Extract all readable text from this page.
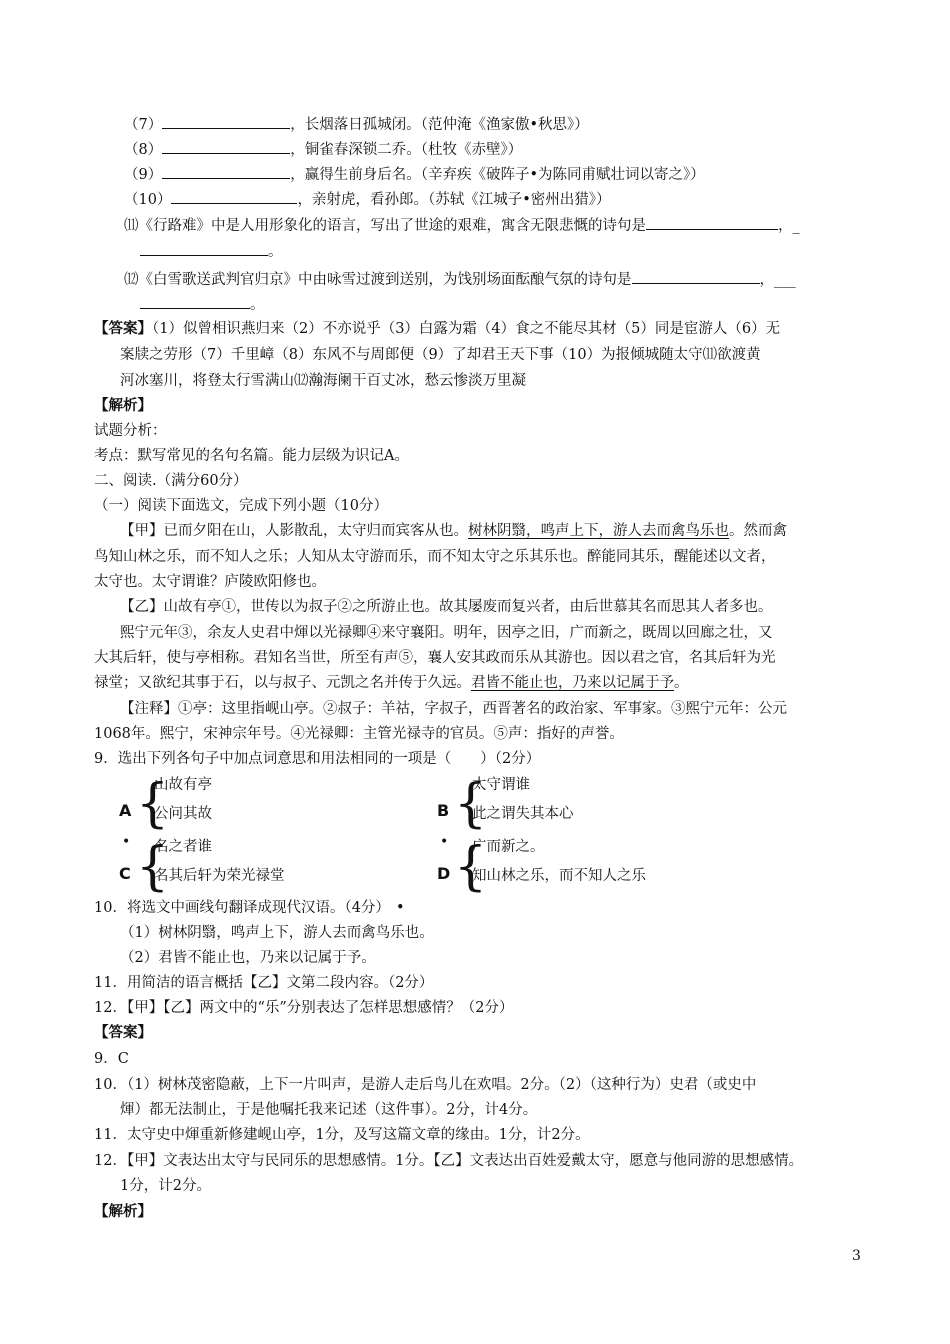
（7）	，长烟落日孤城闭。（范仲淹《渔家傲•秋思》）
（8）	，铜雀春深锁二乔。（杜牧《赤壁》）
（9）	，赢得生前身后名。（辛弃疾《破阵子•为陈同甫赋壮词以寄之》）
（10）	，亲射虎，看孙郎。（苏轼《江城子•密州出猎》）
⑾《行路难》中是人用形象化的语言，写出了世途的艰难，寓含无限悲慨的诗句是	，_
。
⑿《白雪歌送武判官归京》中由咏雪过渡到送别，为饯别场面酝酿气氛的诗句是	，___
。
【答案】（1）似曾相识燕归来（2）不亦说乎（3）白露为霜（4）食之不能尽其材（5）同是宦游人（6）无
案牍之劳形（7）千里嶂（8）东风不与周郎便（9）了却君王天下事（10）为报倾城随太守⑾欲渡黄
河冰塞川，将登太行雪满山⑿瀚海阑干百丈冰，愁云惨淡万里凝
【解析】
试题分析：
考点：默写常见的名句名篇。能力层级为识记A。
二、阅读.（满分60分）
（一）阅读下面选文，完成下列小题（10分）
【甲】已而夕阳在山，人影散乱，太守归而宾客从也。树林阴翳，鸣声上下，游人去而禽鸟乐也。然而禽
鸟知山林之乐，而不知人之乐；人知从太守游而乐，而不知太守之乐其乐也。醉能同其乐，醒能述以文者，
太守也。太守谓谁？庐陵欧阳修也。
【乙】山故有亭①，世传以为叔子②之所游止也。故其屡废而复兴者，由后世慕其名而思其人者多也。
熙宁元年③，余友人史君中煇以光禄卿④来守襄阳。明年，因亭之旧，广而新之，既周以回廊之壮，又
大其后轩，使与亭相称。君知名当世，所至有声⑤，襄人安其政而乐从其游也。因以君之官，名其后轩为光
禄堂；又欲纪其事于石，以与叔子、元凯之名并传于久远。君皆不能止也，乃来以记属于予。
【注释】①亭：这里指岘山亭。②叔子：羊祜，字叔子，西晋著名的政治家、军事家。③熙宁元年：公元
1068年。熙宁，宋神宗年号。④光禄卿：主管光禄寺的官员。⑤声：指好的声誉。
9．选出下列各句子中加点词意思和用法相同的一项是（　　）（2分）
A {
山故有亭
公问其故	B {
太守谓谁
此之谓失其本心
•	•
C {
名之者谁
名其后轩为荣光禄堂	D {
广而新之。
知山林之乐，而不知人之乐
10．将选文中画线句翻译成现代汉语。（4分） •
（1）树林阴翳，鸣声上下，游人去而禽鸟乐也。
（2）君皆不能止也，乃来以记属于予。
11．用简洁的语言概括【乙】文第二段内容。（2分）
12．【甲】【乙】两文中的“乐”分别表达了怎样思想感情？（2分）
【答案】
9．C
10．（1）树林茂密隐蔽，上下一片叫声，是游人走后鸟儿在欢唱。2分。（2）（这种行为）史君（或史中
煇）都无法制止，于是他嘱托我来记述（这件事）。2分，计4分。
11．太守史中煇重新修建岘山亭，1分，及写这篇文章的缘由。1分，计2分。
12．【甲】文表达出太守与民同乐的思想感情。1分。【乙】文表达出百姓爱戴太守，愿意与他同游的思想感情。
1分，计2分。
【解析】
3
